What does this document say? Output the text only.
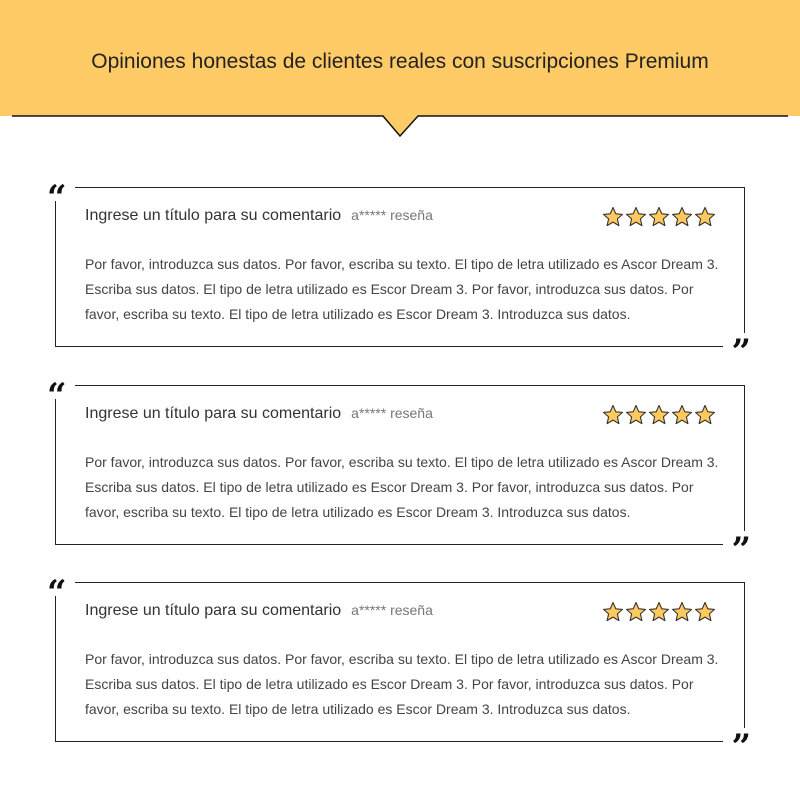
Opiniones honestas de clientes reales con suscripciones Premium
“
”
Ingrese un título para su comentario a***** reseña
Por favor, introduzca sus datos. Por favor, escriba su texto. El tipo de letra utilizado es Ascor Dream 3. Escriba sus datos. El tipo de letra utilizado es Escor Dream 3. Por favor, introduzca sus datos. Por favor, escriba su texto. El tipo de letra utilizado es Escor Dream 3. Introduzca sus datos.
“
”
Ingrese un título para su comentario a***** reseña
Por favor, introduzca sus datos. Por favor, escriba su texto. El tipo de letra utilizado es Ascor Dream 3. Escriba sus datos. El tipo de letra utilizado es Escor Dream 3. Por favor, introduzca sus datos. Por favor, escriba su texto. El tipo de letra utilizado es Escor Dream 3. Introduzca sus datos.
“
”
Ingrese un título para su comentario a***** reseña
Por favor, introduzca sus datos. Por favor, escriba su texto. El tipo de letra utilizado es Ascor Dream 3. Escriba sus datos. El tipo de letra utilizado es Escor Dream 3. Por favor, introduzca sus datos. Por favor, escriba su texto. El tipo de letra utilizado es Escor Dream 3. Introduzca sus datos.
